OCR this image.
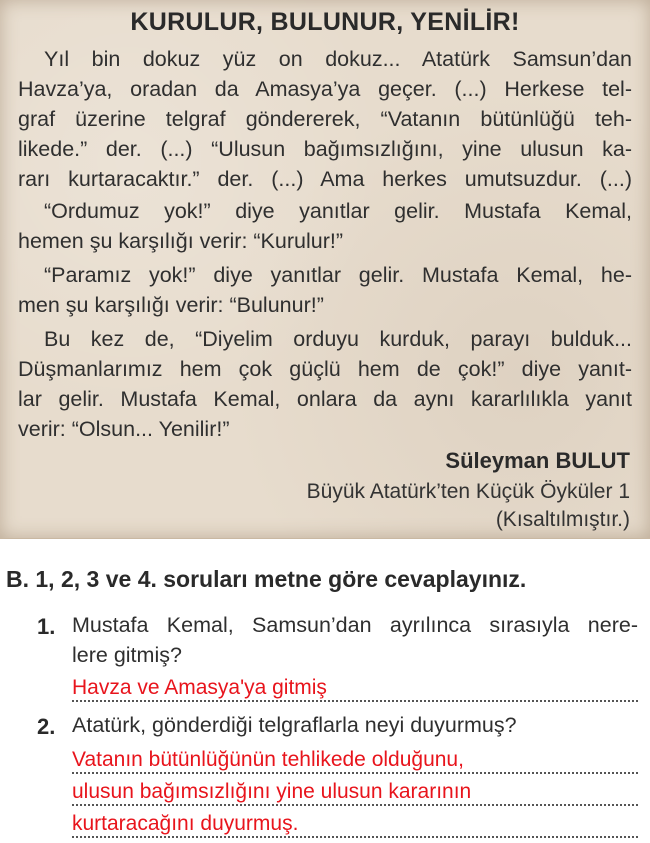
KURULUR, BULUNUR, YENİLİR!
Yıl bin dokuz yüz on dokuz... Atatürk Samsun’dan
Havza’ya, oradan da Amasya’ya geçer. (...) Herkese tel-
graf üzerine telgraf göndererek, “Vatanın bütünlüğü teh-
likede.” der. (...) “Ulusun bağımsızlığını, yine ulusun ka-
rarı kurtaracaktır.” der. (...) Ama herkes umutsuzdur. (...)
“Ordumuz yok!” diye yanıtlar gelir. Mustafa Kemal,
hemen şu karşılığı verir: “Kurulur!”
“Paramız yok!” diye yanıtlar gelir. Mustafa Kemal, he-
men şu karşılığı verir: “Bulunur!”
Bu kez de, “Diyelim orduyu kurduk, parayı bulduk...
Düşmanlarımız hem çok güçlü hem de çok!” diye yanıt-
lar gelir. Mustafa Kemal, onlara da aynı kararlılıkla yanıt
verir: “Olsun... Yenilir!”
Süleyman BULUT
Büyük Atatürk’ten Küçük Öyküler 1
(Kısaltılmıştır.)
B. 1, 2, 3 ve 4. soruları metne göre cevaplayınız.
1. Mustafa Kemal, Samsun’dan ayrılınca sırasıyla nere-
lere gitmiş?
Havza ve Amasya'ya gitmiş
2. Atatürk, gönderdiği telgraflarla neyi duyurmuş?
Vatanın bütünlüğünün tehlikede olduğunu,
ulusun bağımsızlığını yine ulusun kararının
kurtaracağını duyurmuş.
